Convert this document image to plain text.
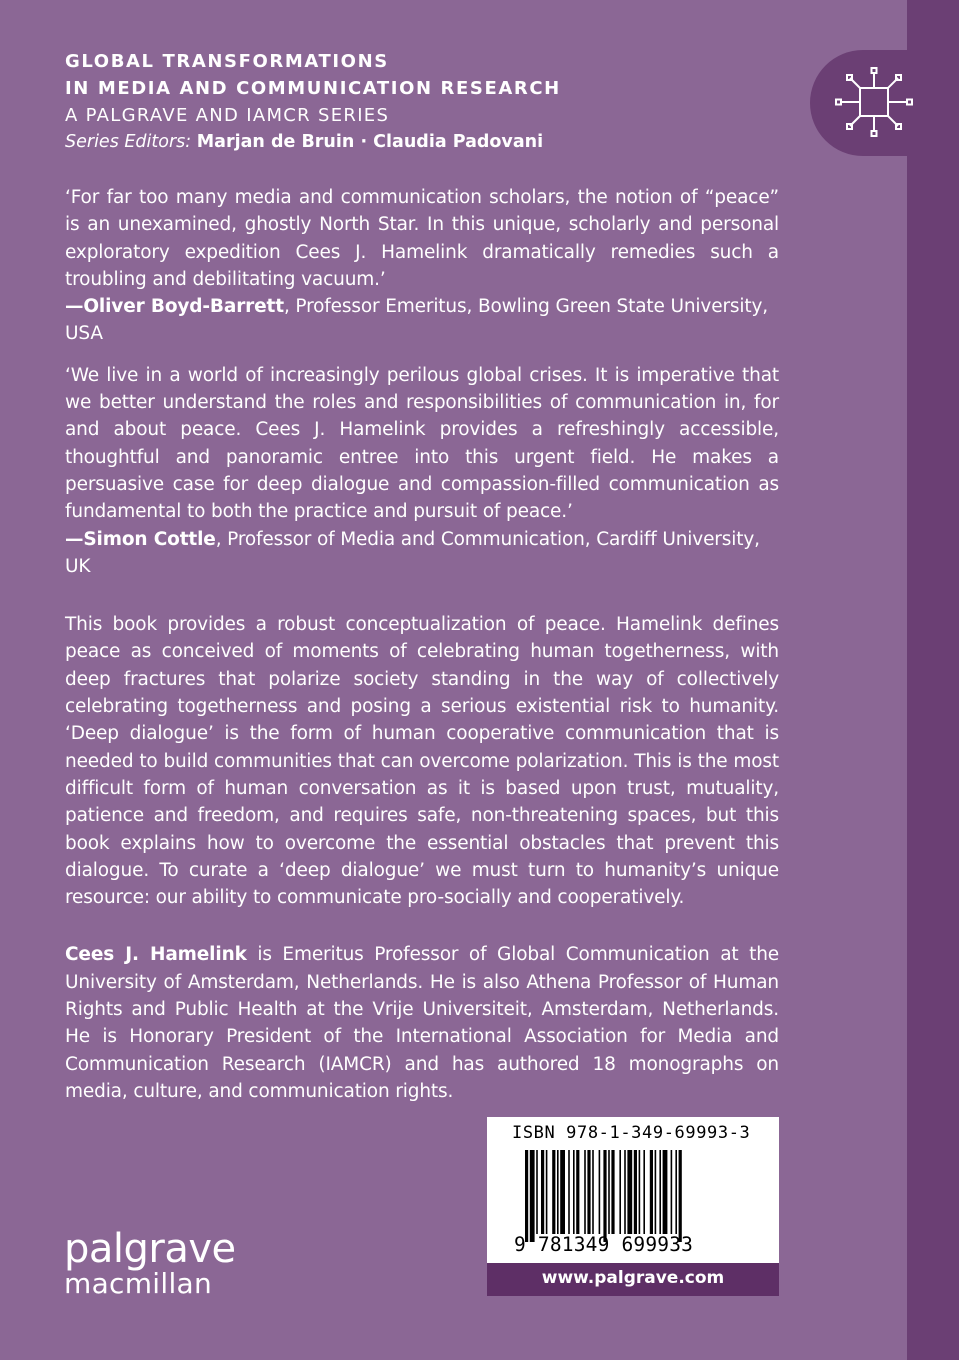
GLOBAL TRANSFORMATIONS
IN MEDIA AND COMMUNICATION RESEARCH
A PALGRAVE AND IAMCR SERIES
Series Editors: Marjan de Bruin · Claudia Padovani

‘For far too many media and communication scholars, the notion of “peace” is an unexamined, ghostly North Star. In this unique, scholarly and personal exploratory expedition Cees J. Hamelink dramatically remedies such a troubling and debilitating vacuum.’

—Oliver Boyd-Barrett, Professor Emeritus, Bowling Green State University, USA

‘We live in a world of increasingly perilous global crises. It is imperative that we better understand the roles and responsibilities of communication in, for and about peace. Cees J. Hamelink provides a refreshingly accessible, thoughtful and panoramic entree into this urgent field. He makes a persuasive case for deep dialogue and compassion-filled communication as fundamental to both the practice and pursuit of peace.’

—Simon Cottle, Professor of Media and Communication, Cardiff University, UK

This book provides a robust conceptualization of peace. Hamelink defines peace as conceived of moments of celebrating human togetherness, with deep fractures that polarize society standing in the way of collectively celebrating togetherness and posing a serious existential risk to humanity. ‘Deep dialogue’ is the form of human cooperative communication that is needed to build communities that can overcome polarization. This is the most difficult form of human conversation as it is based upon trust, mutuality, patience and freedom, and requires safe, non-threatening spaces, but this book explains how to overcome the essential obstacles that prevent this dialogue. To curate a ‘deep dialogue’ we must turn to humanity’s unique resource: our ability to communicate pro-socially and cooperatively.

Cees J. Hamelink is Emeritus Professor of Global Communication at the University of Amsterdam, Netherlands. He is also Athena Professor of Human Rights and Public Health at the Vrije Universiteit, Amsterdam, Netherlands. He is Honorary President of the International Association for Media and Communication Research (IAMCR) and has authored 18 monographs on media, culture, and communication rights.

palgrave
macmillan
ISBN 978-1-349-69993-3
9 781349 699933
www.palgrave.com
